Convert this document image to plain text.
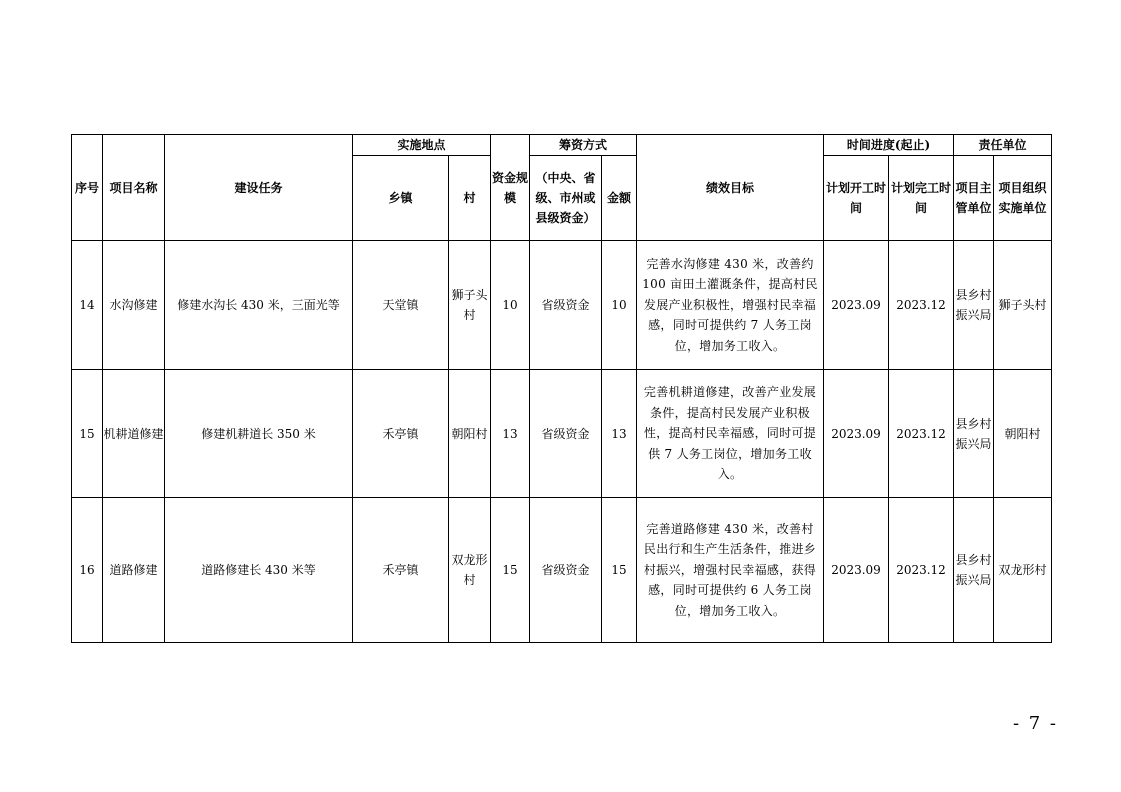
序号	项目名称	建设任务	实施地点		资金规模	筹资方式		绩效目标	时间进度(起止)		责任单位	
			乡镇	村		（中央、省级、市州或县级资金）	金额		计划开工时间	计划完工时间	项目主管单位	项目组织实施单位
14	水沟修建	修建水沟长 430 米，三面光等	天堂镇	狮子头村	10	省级资金	10	完善水沟修建 430 米，改善约 100 亩田土灌溉条件，提高村民发展产业积极性，增强村民幸福感，同时可提供约 7 人务工岗位，增加务工收入。	2023.09	2023.12	县乡村振兴局	狮子头村
15	机耕道修建	修建机耕道长 350 米	禾亭镇	朝阳村	13	省级资金	13	完善机耕道修建，改善产业发展条件，提高村民发展产业积极性，提高村民幸福感，同时可提供 7 人务工岗位，增加务工收入。	2023.09	2023.12	县乡村振兴局	朝阳村
16	道路修建	道路修建长 430 米等	禾亭镇	双龙形村	15	省级资金	15	完善道路修建 430 米，改善村民出行和生产生活条件，推进乡村振兴，增强村民幸福感，获得感，同时可提供约 6 人务工岗位，增加务工收入。	2023.09	2023.12	县乡村振兴局	双龙形村
- 7 -
